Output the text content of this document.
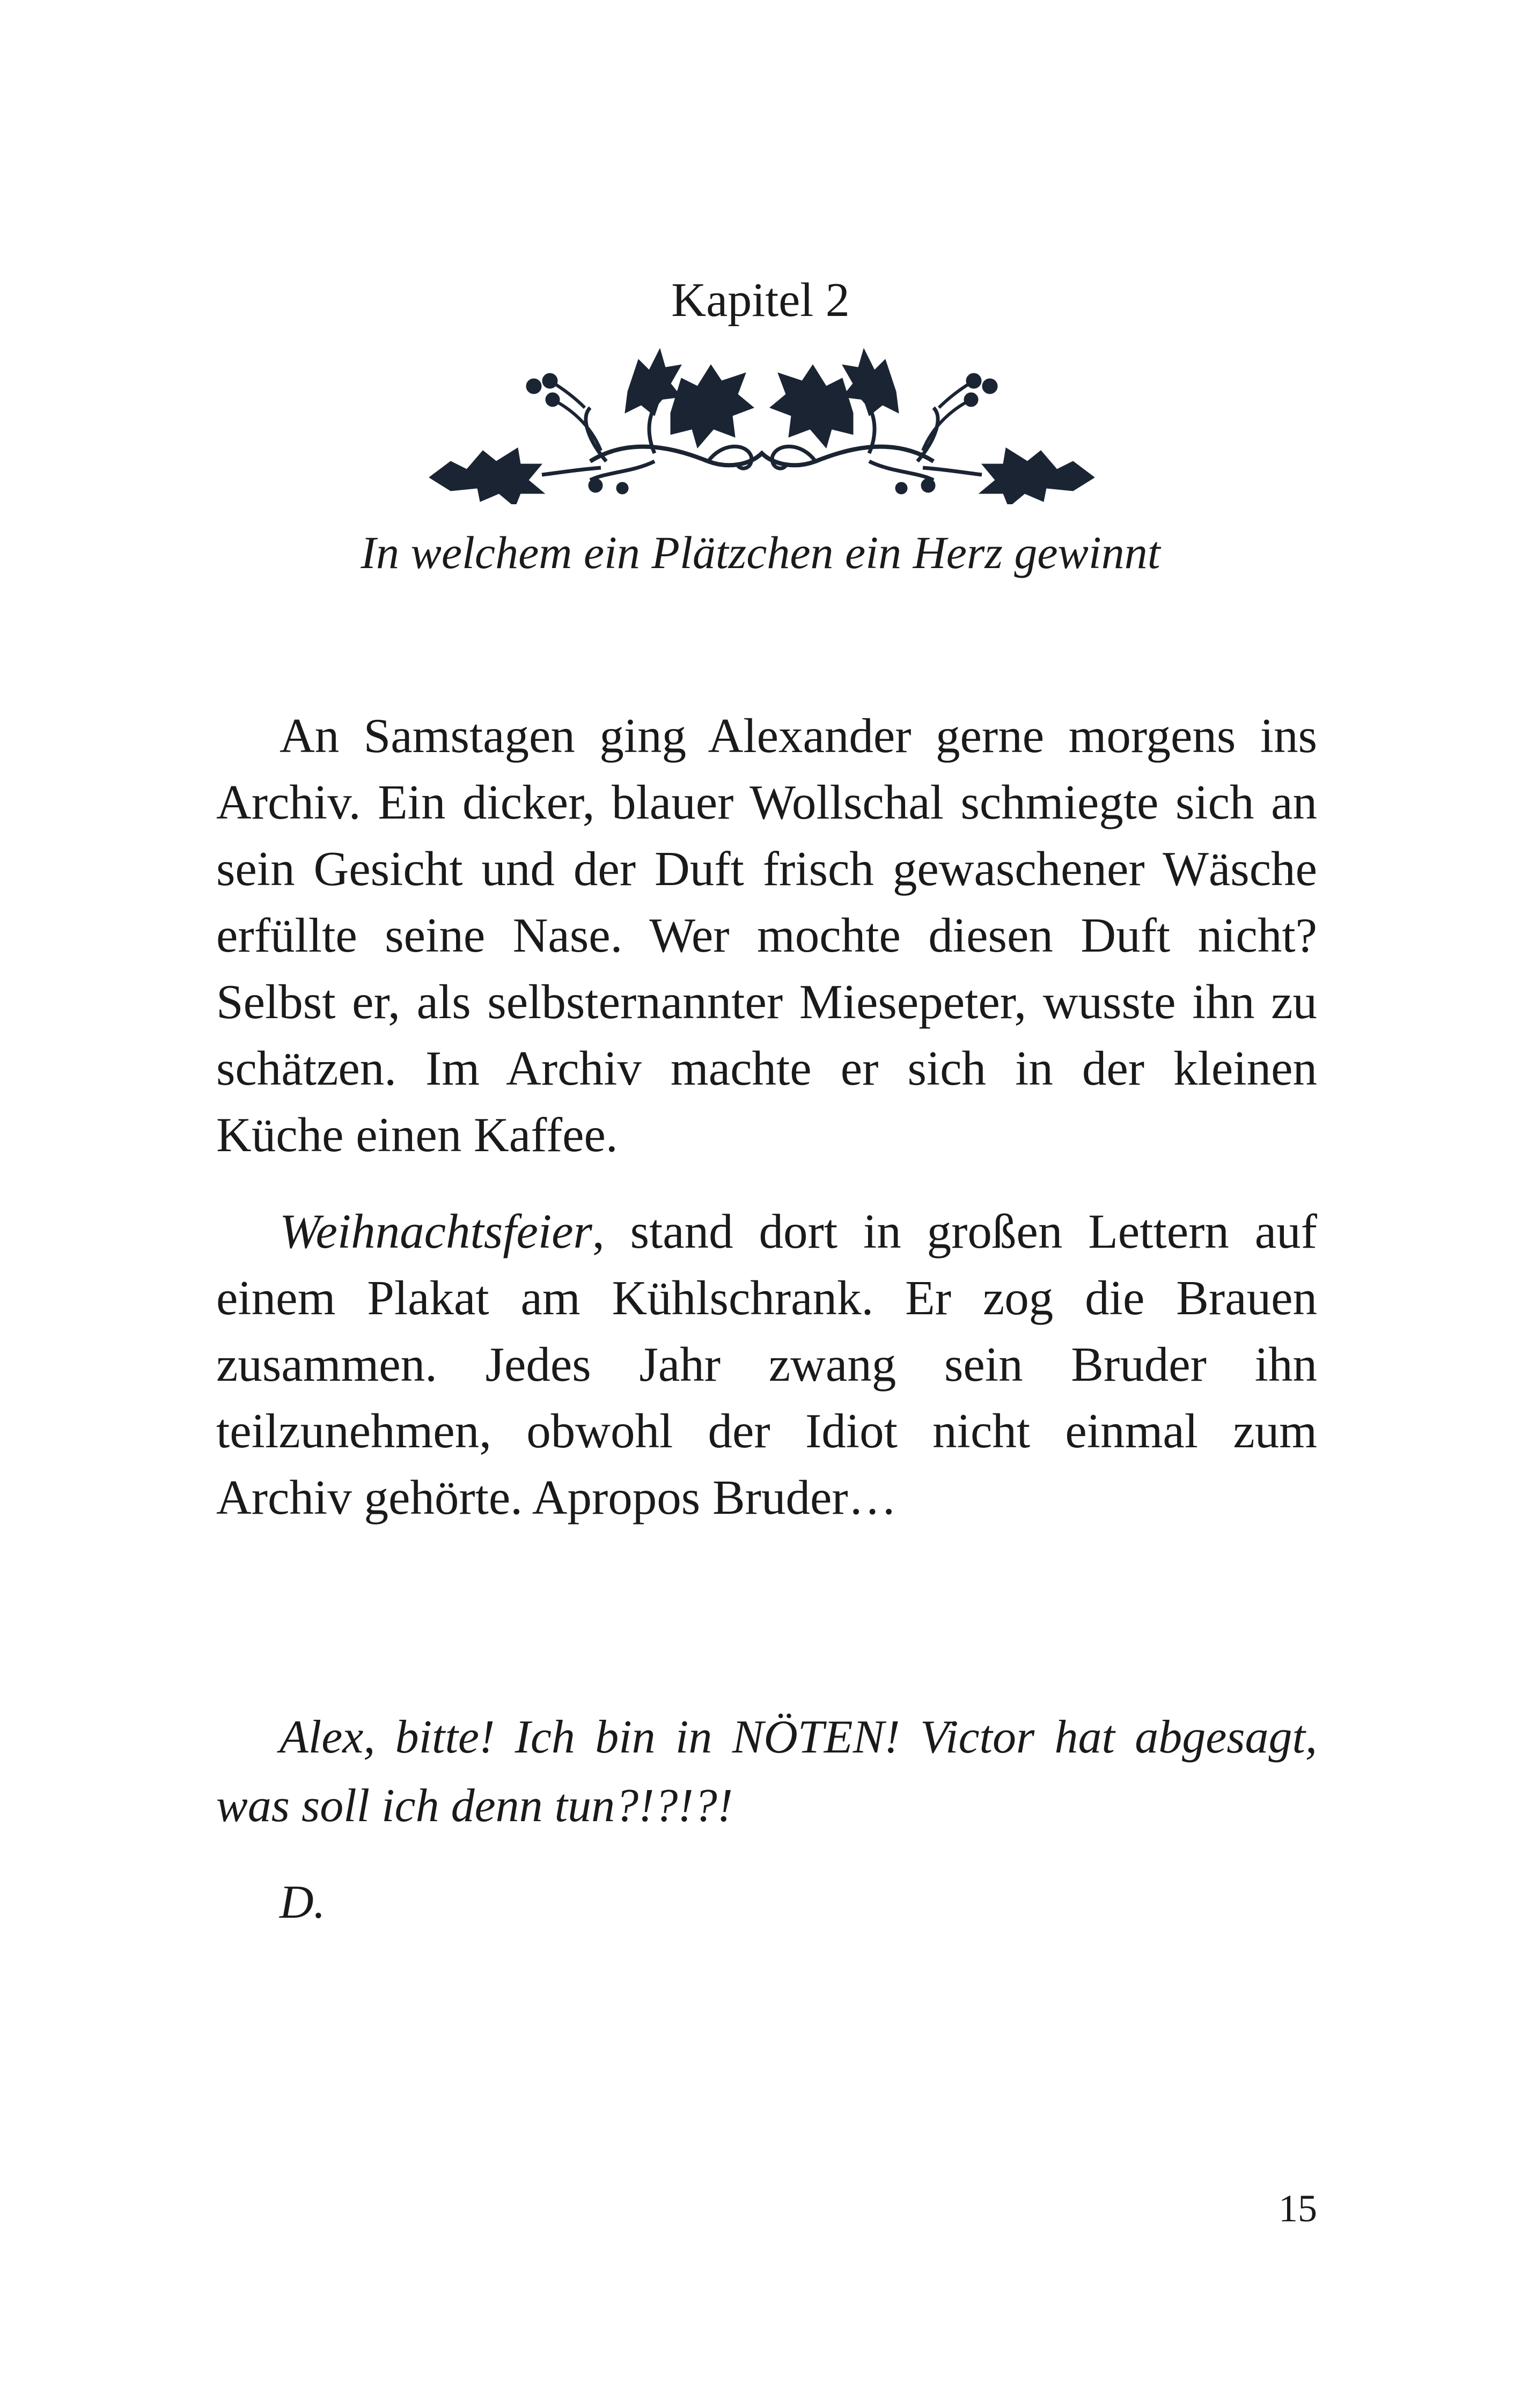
Kapitel 2
In welchem ein Plätzchen ein Herz gewinnt

An Samstagen ging Alexander gerne morgens ins Archiv. Ein dicker, blauer Wollschal schmiegte sich an sein Gesicht und der Duft frisch gewaschener Wäsche erfüllte seine Nase. Wer mochte diesen Duft nicht? Selbst er, als selbsternannter Miesepeter, wusste ihn zu schätzen. Im Archiv machte er sich in der kleinen Küche einen Kaffee.

Weihnachtsfeier, stand dort in großen Lettern auf einem Plakat am Kühlschrank. Er zog die Brauen zusammen. Jedes Jahr zwang sein Bruder ihn teilzunehmen, obwohl der Idiot nicht einmal zum Archiv gehörte. Apropos Bruder…

Alex, bitte! Ich bin in NÖTEN! Victor hat abgesagt, was soll ich denn tun?!?!?!

D.

15
